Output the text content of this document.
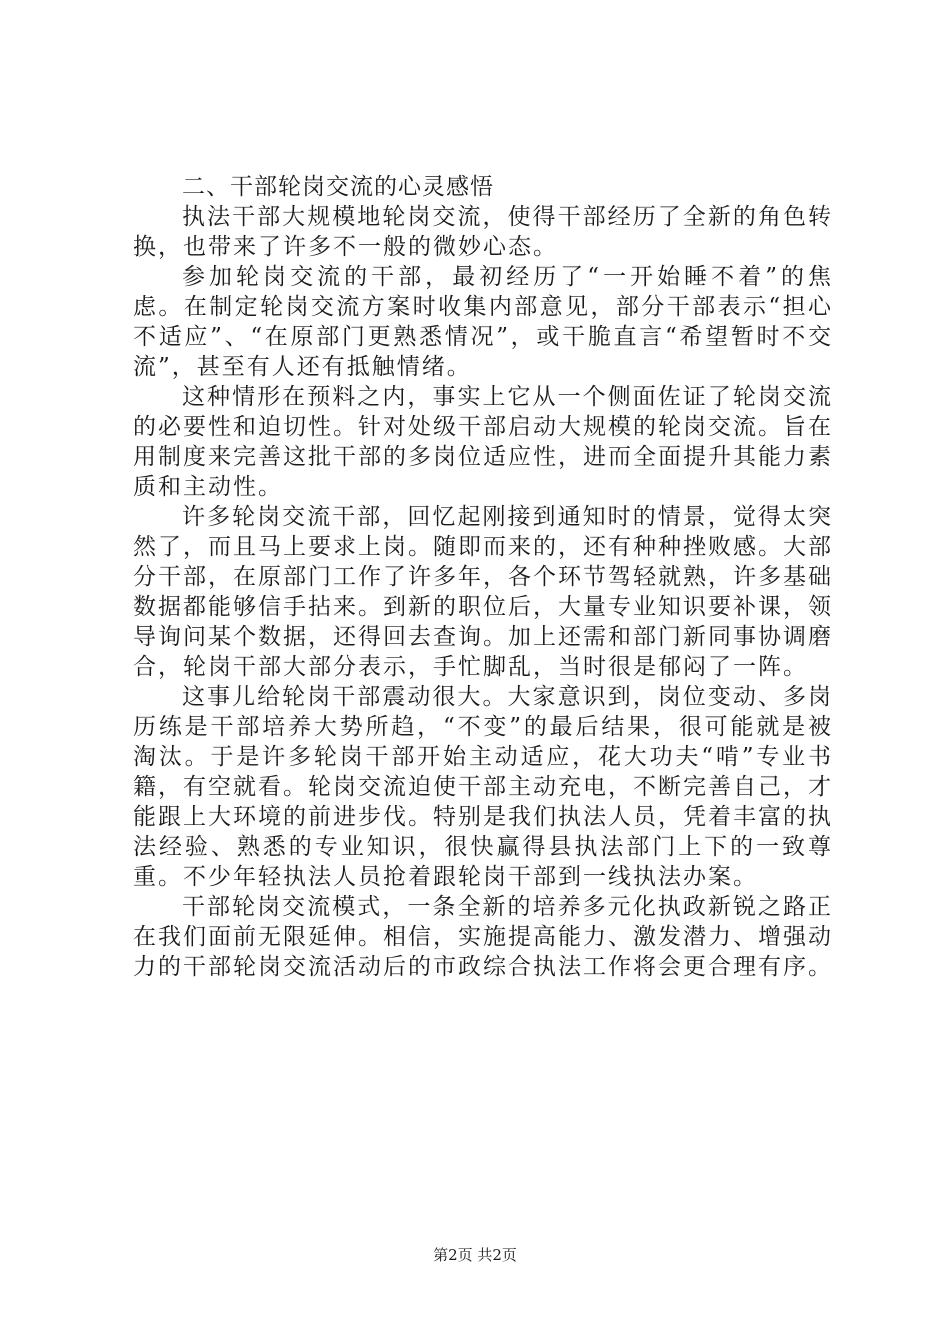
二、干部轮岗交流的心灵感悟

执法干部大规模地轮岗交流，使得干部经历了全新的角色转换，也带来了许多不一般的微妙心态。

参加轮岗交流的干部，最初经历了“一开始睡不着”的焦虑。在制定轮岗交流方案时收集内部意见，部分干部表示“担心不适应”、“在原部门更熟悉情况”，或干脆直言“希望暂时不交流”，甚至有人还有抵触情绪。

这种情形在预料之内，事实上它从一个侧面佐证了轮岗交流的必要性和迫切性。针对处级干部启动大规模的轮岗交流。旨在用制度来完善这批干部的多岗位适应性，进而全面提升其能力素质和主动性。

许多轮岗交流干部，回忆起刚接到通知时的情景，觉得太突然了，而且马上要求上岗。随即而来的，还有种种挫败感。大部分干部，在原部门工作了许多年，各个环节驾轻就熟，许多基础数据都能够信手拈来。到新的职位后，大量专业知识要补课，领导询问某个数据，还得回去查询。加上还需和部门新同事协调磨合，轮岗干部大部分表示，手忙脚乱，当时很是郁闷了一阵。

这事儿给轮岗干部震动很大。大家意识到，岗位变动、多岗历练是干部培养大势所趋，“不变”的最后结果，很可能就是被淘汰。于是许多轮岗干部开始主动适应，花大功夫“啃”专业书籍，有空就看。轮岗交流迫使干部主动充电，不断完善自己，才能跟上大环境的前进步伐。特别是我们执法人员，凭着丰富的执法经验、熟悉的专业知识，很快赢得县执法部门上下的一致尊重。不少年轻执法人员抢着跟轮岗干部到一线执法办案。

干部轮岗交流模式，一条全新的培养多元化执政新锐之路正在我们面前无限延伸。相信，实施提高能力、激发潜力、增强动力的干部轮岗交流活动后的市政综合执法工作将会更合理有序。

第2页 共2页
